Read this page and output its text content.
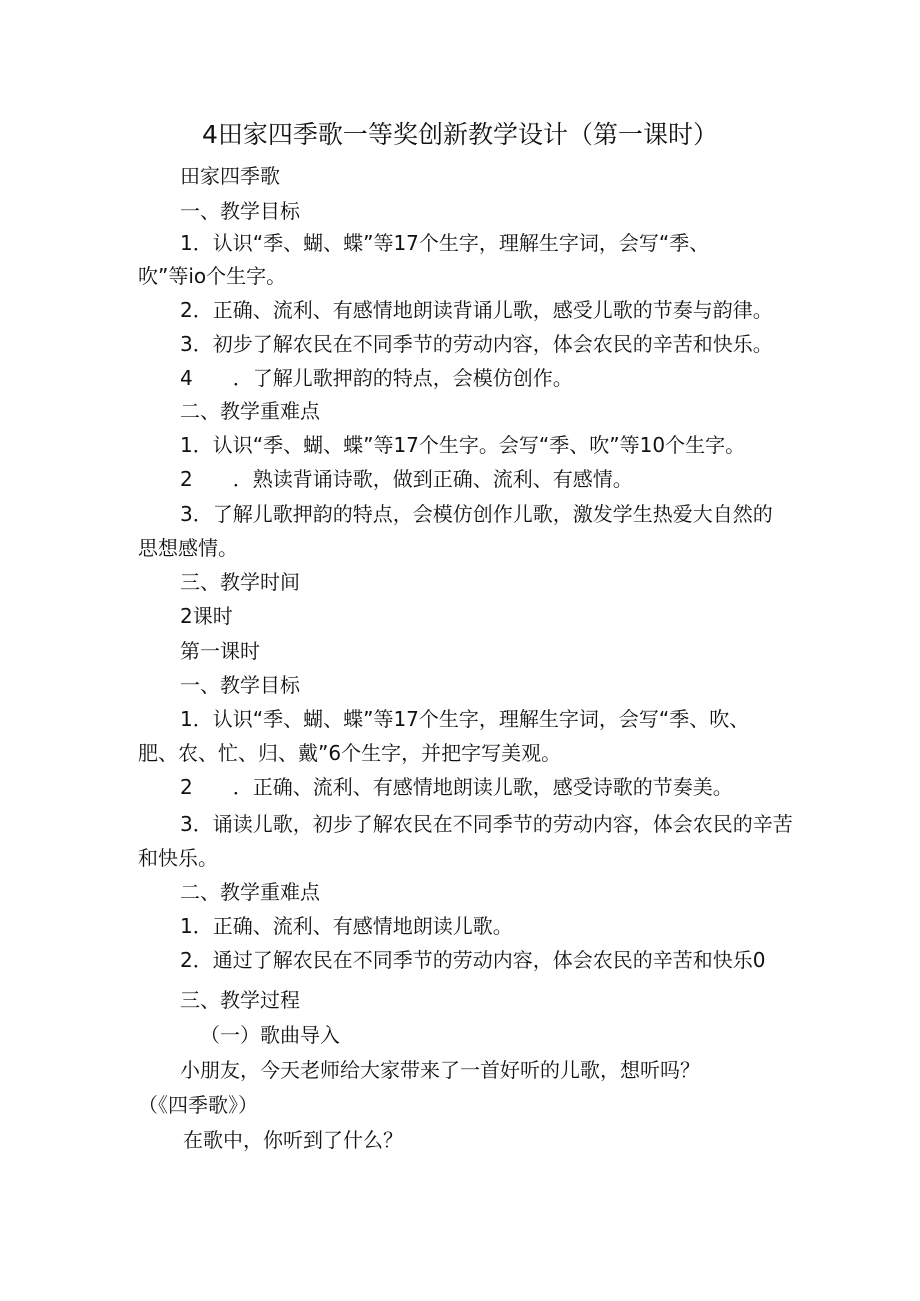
4田家四季歌一等奖创新教学设计（第一课时）
田家四季歌
一、教学目标
1．认识“季、蝴、蝶”等17个生字，理解生字词，会写“季、
吹”等io个生字。
2．正确、流利、有感情地朗读背诵儿歌，感受儿歌的节奏与韵律。
3．初步了解农民在不同季节的劳动内容，体会农民的辛苦和快乐。
4　　．了解儿歌押韵的特点，会模仿创作。
二、教学重难点
1．认识“季、蝴、蝶”等17个生字。会写“季、吹”等10个生字。
2　　．熟读背诵诗歌，做到正确、流利、有感情。
3．了解儿歌押韵的特点，会模仿创作儿歌，激发学生热爱大自然的
思想感情。
三、教学时间
2课时
第一课时
一、教学目标
1．认识“季、蝴、蝶”等17个生字，理解生字词，会写“季、吹、
肥、农、忙、归、戴”6个生字，并把字写美观。
2　　．正确、流利、有感情地朗读儿歌，感受诗歌的节奏美。
3．诵读儿歌，初步了解农民在不同季节的劳动内容，体会农民的辛苦
和快乐。
二、教学重难点
1．正确、流利、有感情地朗读儿歌。
2．通过了解农民在不同季节的劳动内容，体会农民的辛苦和快乐0
三、教学过程
（一）歌曲导入
小朋友，今天老师给大家带来了一首好听的儿歌，想听吗？
（《四季歌》）
在歌中，你听到了什么？
